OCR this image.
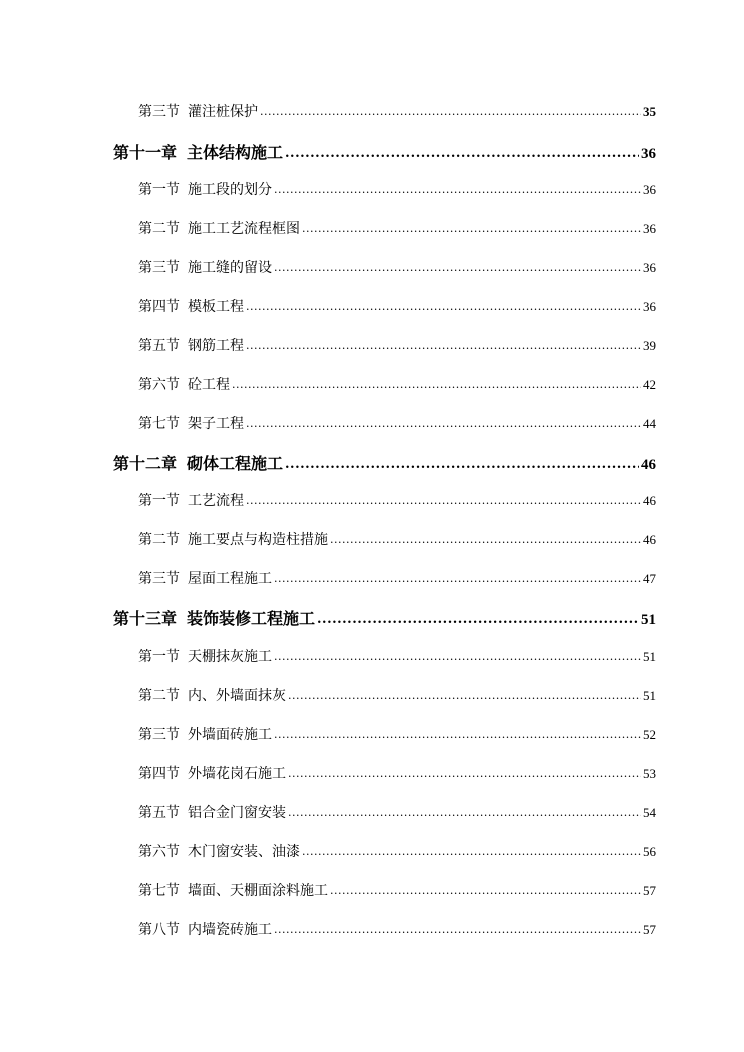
第三节 灌注桩保护 .....	35
第十一章 主体结构施工 .....	36
第一节 施工段的划分 .....	36
第二节 施工工艺流程框图 .....	36
第三节 施工缝的留设 .....	36
第四节 模板工程 .....	36
第五节 钢筋工程 .....	39
第六节 砼工程 .....	42
第七节 架子工程 .....	44
第十二章 砌体工程施工 .....	46
第一节 工艺流程 .....	46
第二节 施工要点与构造柱措施 .....	46
第三节 屋面工程施工 .....	47
第十三章 装饰装修工程施工 .....	51
第一节 天棚抹灰施工 .....	51
第二节 内、外墙面抹灰 .....	51
第三节 外墙面砖施工 .....	52
第四节 外墙花岗石施工 .....	53
第五节 铝合金门窗安装 .....	54
第六节 木门窗安装、油漆 .....	56
第七节 墙面、天棚面涂料施工 .....	57
第八节 内墙瓷砖施工 .....	57
